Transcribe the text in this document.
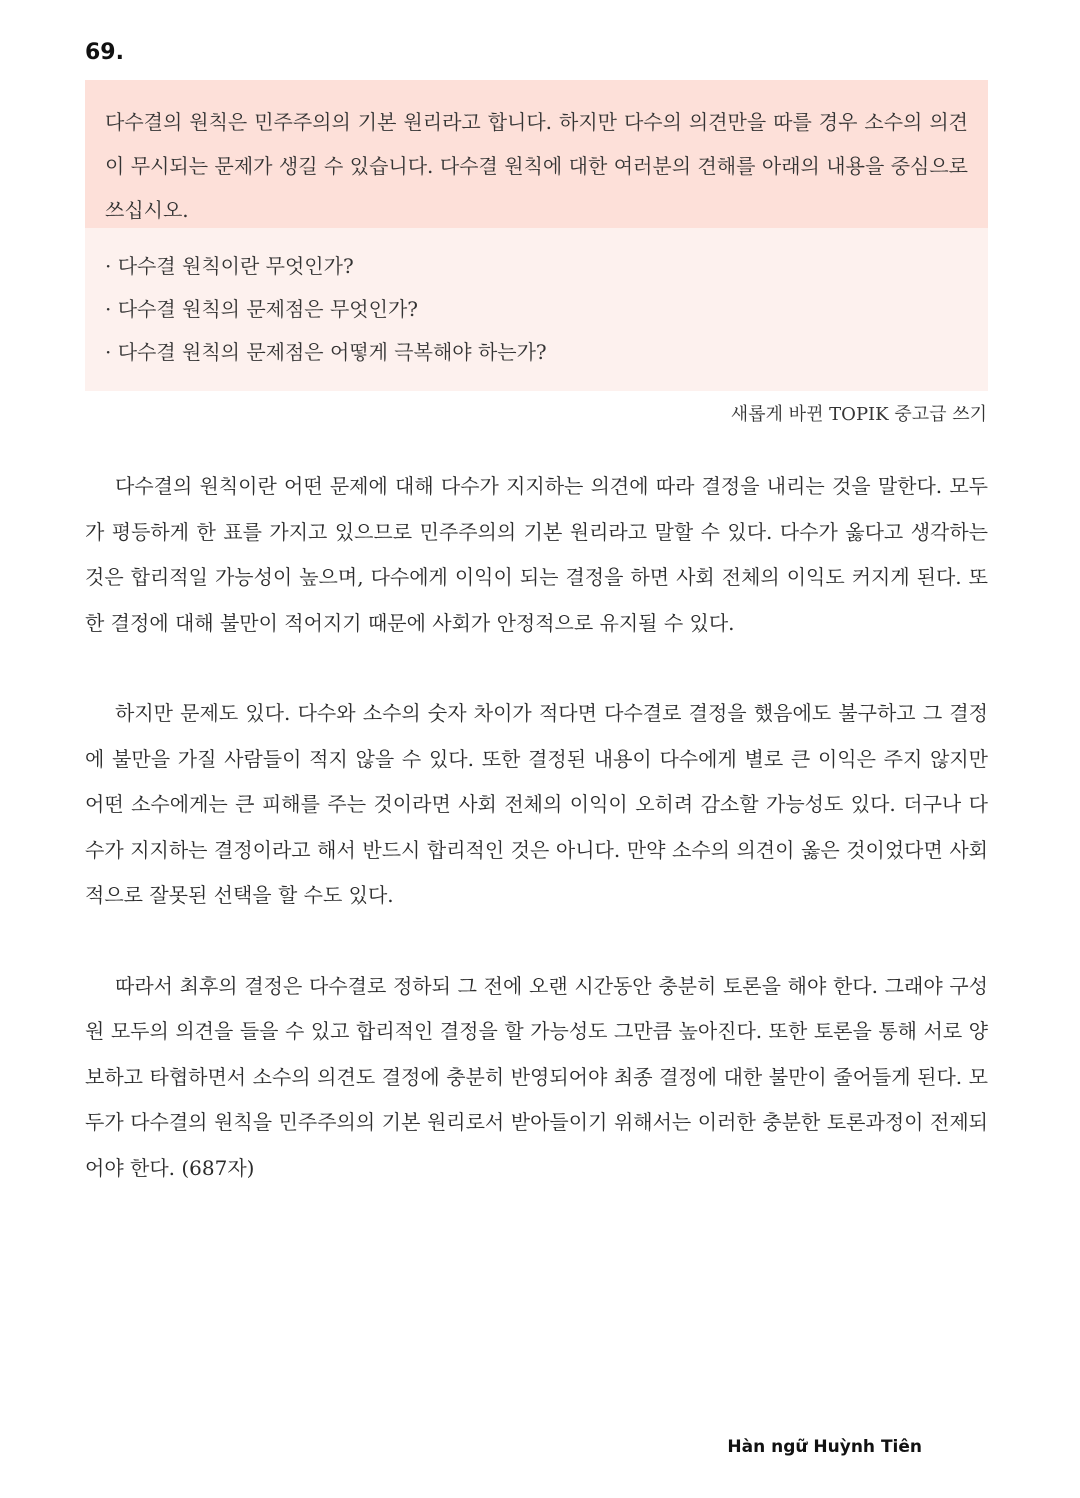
69.
다수결의 원칙은 민주주의의 기본 원리라고 합니다. 하지만 다수의 의견만을 따를 경우 소수의 의견이 무시되는 문제가 생길 수 있습니다. 다수결 원칙에 대한 여러분의 견해를 아래의 내용을 중심으로 쓰십시오.
· 다수결 원칙이란 무엇인가?
· 다수결 원칙의 문제점은 무엇인가?
· 다수결 원칙의 문제점은 어떻게 극복해야 하는가?
새롭게 바뀐 TOPIK 중고급 쓰기

다수결의 원칙이란 어떤 문제에 대해 다수가 지지하는 의견에 따라 결정을 내리는 것을 말한다. 모두가 평등하게 한 표를 가지고 있으므로 민주주의의 기본 원리라고 말할 수 있다. 다수가 옳다고 생각하는 것은 합리적일 가능성이 높으며, 다수에게 이익이 되는 결정을 하면 사회 전체의 이익도 커지게 된다. 또한 결정에 대해 불만이 적어지기 때문에 사회가 안정적으로 유지될 수 있다.

하지만 문제도 있다. 다수와 소수의 숫자 차이가 적다면 다수결로 결정을 했음에도 불구하고 그 결정에 불만을 가질 사람들이 적지 않을 수 있다. 또한 결정된 내용이 다수에게 별로 큰 이익은 주지 않지만 어떤 소수에게는 큰 피해를 주는 것이라면 사회 전체의 이익이 오히려 감소할 가능성도 있다. 더구나 다수가 지지하는 결정이라고 해서 반드시 합리적인 것은 아니다. 만약 소수의 의견이 옳은 것이었다면 사회적으로 잘못된 선택을 할 수도 있다.

따라서 최후의 결정은 다수결로 정하되 그 전에 오랜 시간동안 충분히 토론을 해야 한다. 그래야 구성원 모두의 의견을 들을 수 있고 합리적인 결정을 할 가능성도 그만큼 높아진다. 또한 토론을 통해 서로 양보하고 타협하면서 소수의 의견도 결정에 충분히 반영되어야 최종 결정에 대한 불만이 줄어들게 된다. 모두가 다수결의 원칙을 민주주의의 기본 원리로서 받아들이기 위해서는 이러한 충분한 토론과정이 전제되어야 한다. (687자)

Hàn ngữ Huỳnh Tiên
